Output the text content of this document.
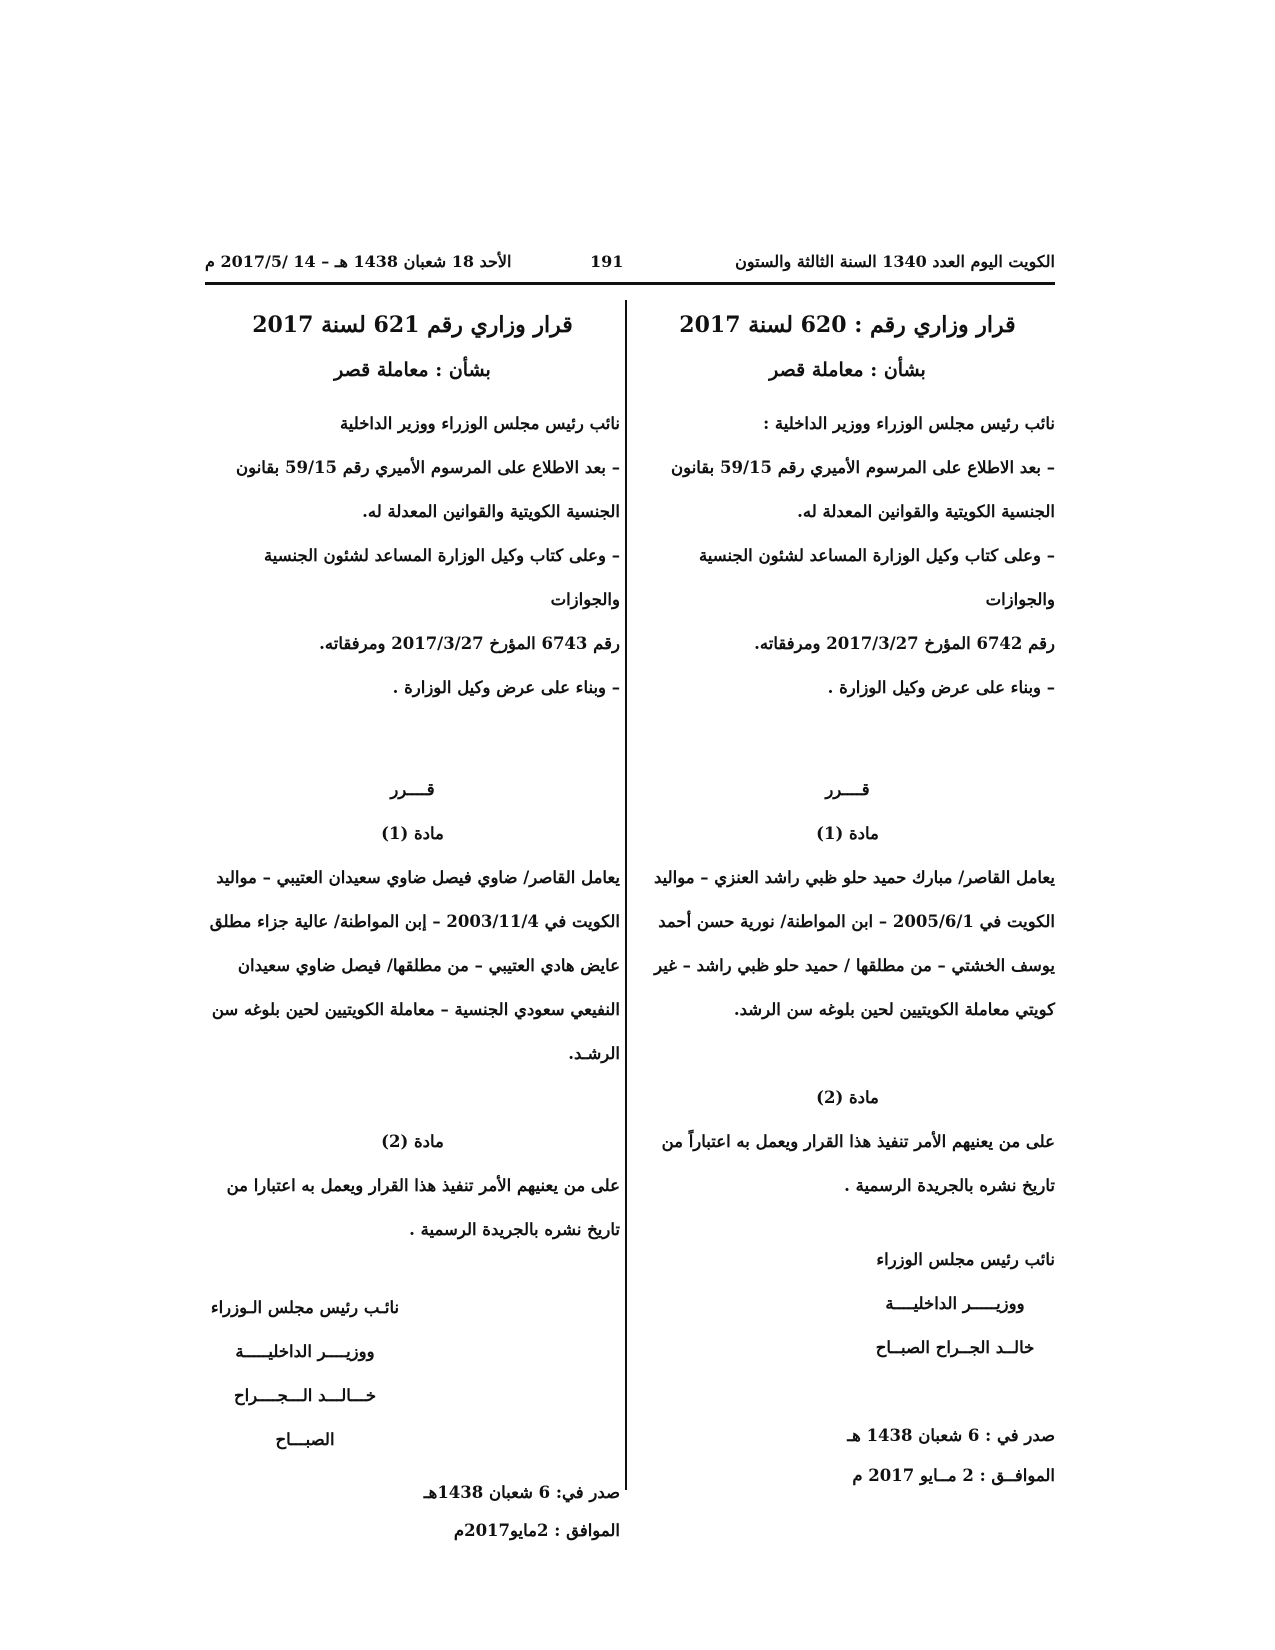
الكويت اليوم العدد 1340 السنة الثالثة والستون
191
الأحد 18 شعبان 1438 هـ – 14 /2017/5 م
قرار وزاري رقم : 620 لسنة 2017
بشأن : معاملة قصر
نائب رئيس مجلس الوزراء ووزير الداخلية :
– بعد الاطلاع على المرسوم الأميري رقم 59/15 بقانون
الجنسية الكويتية والقوانين المعدلة له.
– وعلى كتاب وكيل الوزارة المساعد لشئون الجنسية والجوازات
رقم 6742 المؤرخ 2017/3/27 ومرفقاته.
– وبناء على عرض وكيل الوزارة .
قــــرر
مادة (1)
يعامل القاصر/ مبارك حميد حلو ظبي راشد العنزي – مواليد
الكويت في 2005/6/1 – ابن المواطنة/ نورية حسن أحمد
يوسف الخشتي – من مطلقها / حميد حلو ظبي راشد – غير
كويتي معاملة الكويتيين لحين بلوغه سن الرشد.
مادة (2)
على من يعنيهم الأمر تنفيذ هذا القرار ويعمل به اعتباراً من
تاريخ نشره بالجريدة الرسمية .
نائب رئيس مجلس الوزراء
ووزيـــــر الداخليــــة
خالــد الجــراح الصبــاح
صدر في : 6 شعبان 1438 هـ
الموافــق : 2 مــايو 2017 م
قرار وزاري رقم 621 لسنة 2017
بشأن : معاملة قصر
نائب رئيس مجلس الوزراء ووزير الداخلية
– بعد الاطلاع على المرسوم الأميري رقم 59/15 بقانون
الجنسية الكويتية والقوانين المعدلة له.
– وعلى كتاب وكيل الوزارة المساعد لشئون الجنسية والجوازات
رقم 6743 المؤرخ 2017/3/27 ومرفقاته.
– وبناء على عرض وكيل الوزارة .
قــــرر
مادة (1)
يعامل القاصر/ ضاوي فيصل ضاوي سعيدان العتيبي – مواليد
الكويت في 2003/11/4 – إبن المواطنة/ عالية جزاء مطلق
عايض هادي العتيبي – من مطلقها/ فيصل ضاوي سعيدان
النفيعي سعودي الجنسية – معاملة الكويتيين لحين بلوغه سن
الرشـد.
مادة (2)
على من يعنيهم الأمر تنفيذ هذا القرار ويعمل به اعتبارا من
تاريخ نشره بالجريدة الرسمية .
نائـب رئيس مجلس الـوزراء
ووزيــــر الداخليـــــة
خـــالـــد الـــجــــراح الصبـــاح
صدر في: 6 شعبان 1438هـ
الموافق : 2مايو2017م
